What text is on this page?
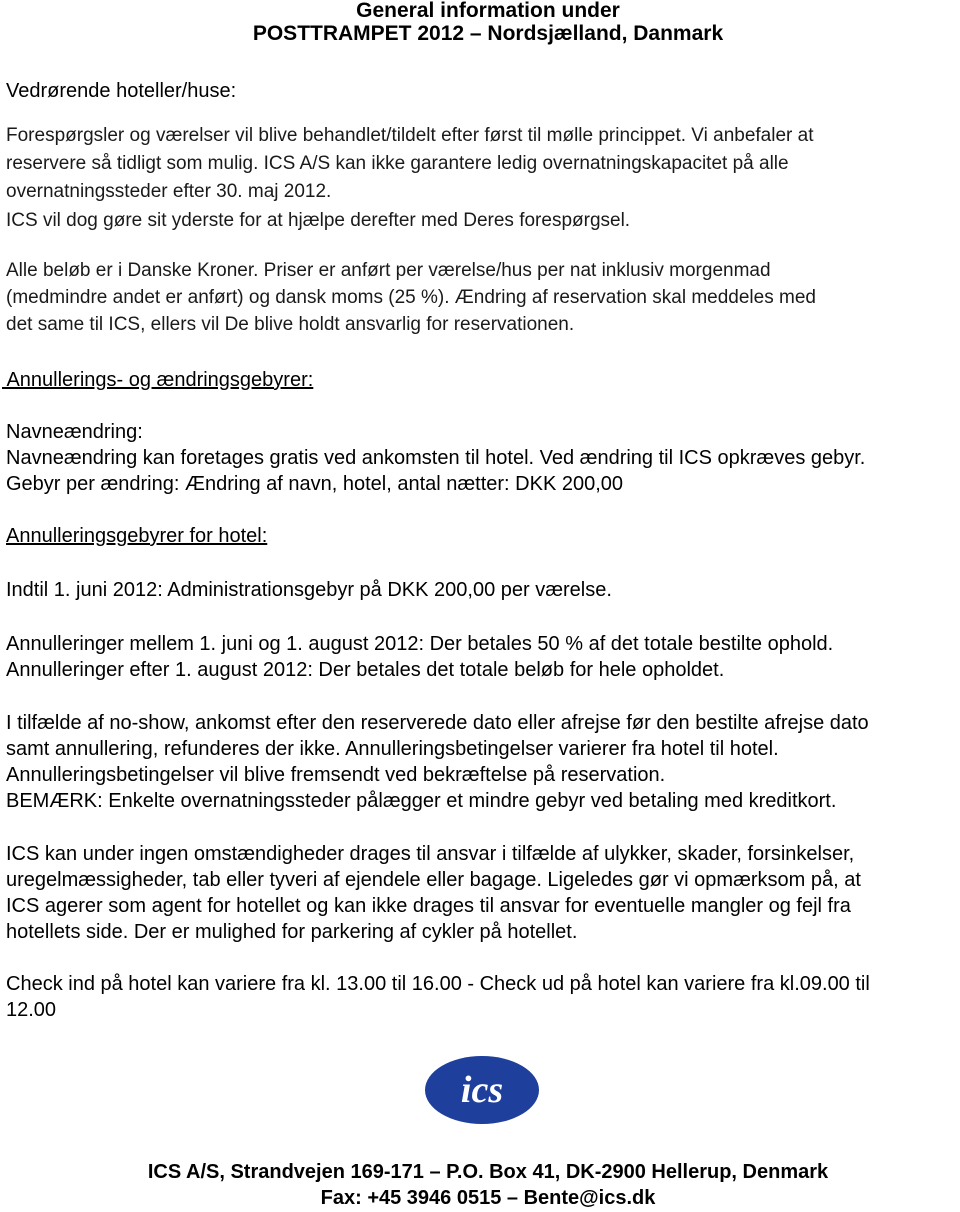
General information under
POSTTRAMPET 2012 – Nordsjælland, Danmark
Vedrørende hoteller/huse:
Forespørgsler og værelser vil blive behandlet/tildelt efter først til mølle princippet. Vi anbefaler at
reservere så tidligt som mulig. ICS A/S kan ikke garantere ledig overnatningskapacitet på alle
overnatningssteder efter 30. maj 2012.
ICS vil dog gøre sit yderste for at hjælpe derefter med Deres forespørgsel.
Alle beløb er i Danske Kroner. Priser er anført per værelse/hus per nat inklusiv morgenmad
(medmindre andet er anført) og dansk moms (25 %). Ændring af reservation skal meddeles med
det same til ICS, ellers vil De blive holdt ansvarlig for reservationen.
Annullerings- og ændringsgebyrer:
Navneændring:
Navneændring kan foretages gratis ved ankomsten til hotel. Ved ændring til ICS opkræves gebyr.
Gebyr per ændring: Ændring af navn, hotel, antal nætter: DKK 200,00
Annulleringsgebyrer for hotel:
Indtil 1. juni 2012: Administrationsgebyr på DKK 200,00 per værelse.
Annulleringer mellem 1. juni og 1. august 2012: Der betales 50 % af det totale bestilte ophold.
Annulleringer efter 1. august 2012: Der betales det totale beløb for hele opholdet.
I tilfælde af no-show, ankomst efter den reserverede dato eller afrejse før den bestilte afrejse dato
samt annullering, refunderes der ikke. Annulleringsbetingelser varierer fra hotel til hotel.
Annulleringsbetingelser vil blive fremsendt ved bekræftelse på reservation.
BEMÆRK: Enkelte overnatningssteder pålægger et mindre gebyr ved betaling med kreditkort.
ICS kan under ingen omstændigheder drages til ansvar i tilfælde af ulykker, skader, forsinkelser,
uregelmæssigheder, tab eller tyveri af ejendele eller bagage. Ligeledes gør vi opmærksom på, at
ICS agerer som agent for hotellet og kan ikke drages til ansvar for eventuelle mangler og fejl fra
hotellets side. Der er mulighed for parkering af cykler på hotellet.
Check ind på hotel kan variere fra kl. 13.00 til 16.00 - Check ud på hotel kan variere fra kl.09.00 til
12.00
ics
ICS A/S, Strandvejen 169-171 – P.O. Box 41, DK-2900 Hellerup, Denmark
Fax: +45 3946 0515 – Bente@ics.dk
